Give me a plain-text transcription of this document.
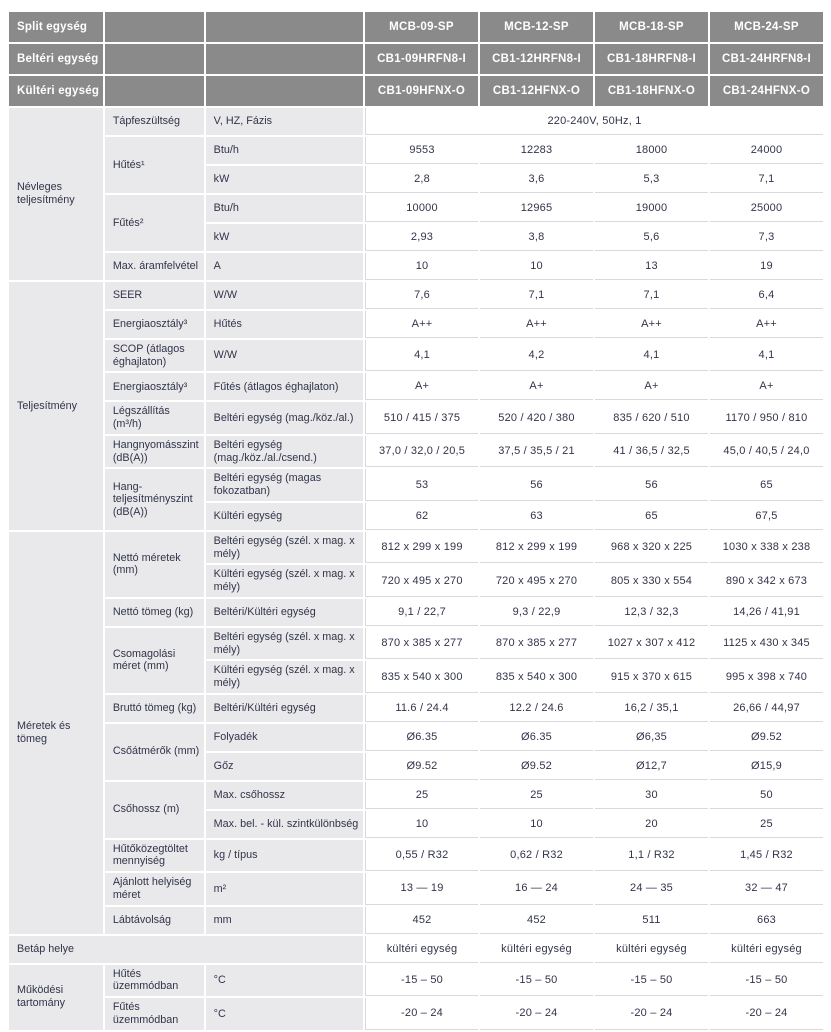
Split egység			MCB-09-SP	MCB-12-SP	MCB-18-SP	MCB-24-SP
Beltéri egység			CB1-09HRFN8-I	CB1-12HRFN8-I	CB1-18HRFN8-I	CB1-24HRFN8-I
Kültéri egység			CB1-09HFNX-O	CB1-12HFNX-O	CB1-18HFNX-O	CB1-24HFNX-O
Névleges teljesítmény	Tápfeszültség	V, HZ, Fázis	220-240V, 50Hz, 1			
	Hűtés¹	Btu/h	9553	12283	18000	24000
		kW	2,8	3,6	5,3	7,1
	Fűtés²	Btu/h	10000	12965	19000	25000
		kW	2,93	3,8	5,6	7,3
	Max. áramfelvétel	A	10	10	13	19
Teljesítmény	SEER	W/W	7,6	7,1	7,1	6,4
	Energiaosztály³	Hűtés	A++	A++	A++	A++
	SCOP (átlagos éghajlaton)	W/W	4,1	4,2	4,1	4,1
	Energiaosztály³	Fűtés (átlagos éghajlaton)	A+	A+	A+	A+
	Légszállítás (m³/h)	Beltéri egység (mag./köz./al.)	510 / 415 / 375	520 / 420 / 380	835 / 620 / 510	1170 / 950 / 810
	Hangnyomásszint (dB(A))	Beltéri egység (mag./köz./al./csend.)	37,0 / 32,0 / 20,5	37,5 / 35,5 / 21	41 / 36,5 / 32,5	45,0 / 40,5 / 24,0
	Hang-teljesítményszint (dB(A))	Beltéri egység (magas fokozatban)	53	56	56	65
		Kültéri egység	62	63	65	67,5
Méretek és tömeg	Nettó méretek (mm)	Beltéri egység (szél. x mag. x mély)	812 x 299 x 199	812 x 299 x 199	968 x 320 x 225	1030 x 338 x 238
		Kültéri egység (szél. x mag. x mély)	720 x 495 x 270	720 x 495 x 270	805 x 330 x 554	890 x 342 x 673
	Nettó tömeg (kg)	Beltéri/Kültéri egység	9,1 / 22,7	9,3 / 22,9	12,3 / 32,3	14,26 / 41,91
	Csomagolási méret (mm)	Beltéri egység (szél. x mag. x mély)	870 x 385 x 277	870 x 385 x 277	1027 x 307 x 412	1125 x 430 x 345
		Kültéri egység (szél. x mag. x mély)	835 x 540 x 300	835 x 540 x 300	915 x 370 x 615	995 x 398 x 740
	Bruttó tömeg (kg)	Beltéri/Kültéri egység	11.6 / 24.4	12.2 / 24.6	16,2 / 35,1	26,66 / 44,97
	Csőátmérők (mm)	Folyadék	Ø6.35	Ø6.35	Ø6,35	Ø9.52
		Gőz	Ø9.52	Ø9.52	Ø12,7	Ø15,9
	Csőhossz (m)	Max. csőhossz	25	25	30	50
		Max. bel. - kül. szintkülönbség	10	10	20	25
	Hűtőközegtöltet mennyiség	kg / típus	0,55 / R32	0,62 / R32	1,1 / R32	1,45 / R32
	Ajánlott helyiség méret	m²	13 — 19	16 — 24	24 — 35	32 — 47
	Lábtávolság	mm	452	452	511	663
Betáp helye			kültéri egység	kültéri egység	kültéri egység	kültéri egység
Működési tartomány	Hűtés üzemmódban	°C	-15 – 50	-15 – 50	-15 – 50	-15 – 50
	Fűtés üzemmódban	°C	-20 – 24	-20 – 24	-20 – 24	-20 – 24
